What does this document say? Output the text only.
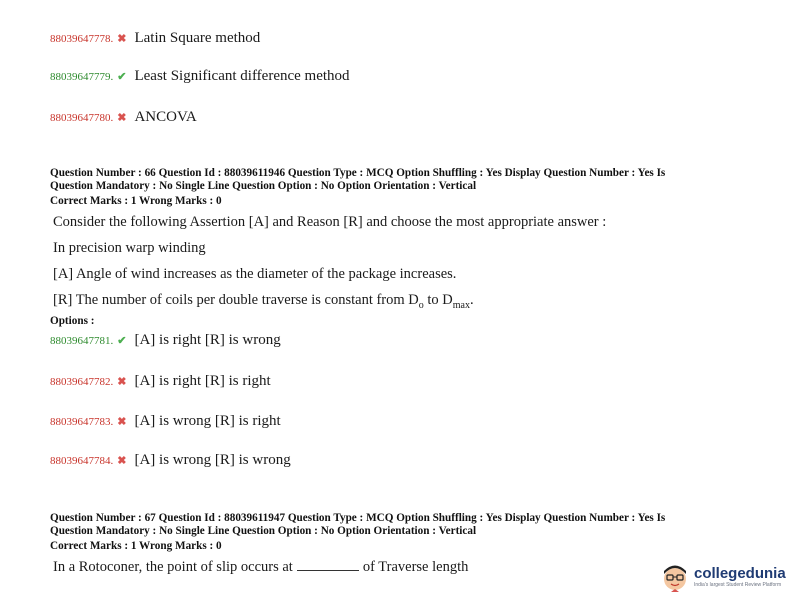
88039647778. ✖ Latin Square method
88039647779. ✔ Least Significant difference method
88039647780. ✖ ANCOVA
Question Number : 66 Question Id : 88039611946 Question Type : MCQ Option Shuffling : Yes Display Question Number : Yes Is
Question Mandatory : No Single Line Question Option : No Option Orientation : Vertical
Correct Marks : 1 Wrong Marks : 0
Consider the following Assertion [A] and Reason [R] and choose the most appropriate answer :
In precision warp winding
[A] Angle of wind increases as the diameter of the package increases.
[R] The number of coils per double traverse is constant from $D_o$ to $D_{max}$.
Options :
88039647781. ✔ [A] is right [R] is wrong
88039647782. ✖ [A] is right [R] is right
88039647783. ✖ [A] is wrong [R] is right
88039647784. ✖ [A] is wrong [R] is wrong
Question Number : 67 Question Id : 88039611947 Question Type : MCQ Option Shuffling : Yes Display Question Number : Yes Is
Question Mandatory : No Single Line Question Option : No Option Orientation : Vertical
Correct Marks : 1 Wrong Marks : 0
In a Rotoconer, the point of slip occurs at	of Traverse length	collegedunia
India's largest Student Review Platform
